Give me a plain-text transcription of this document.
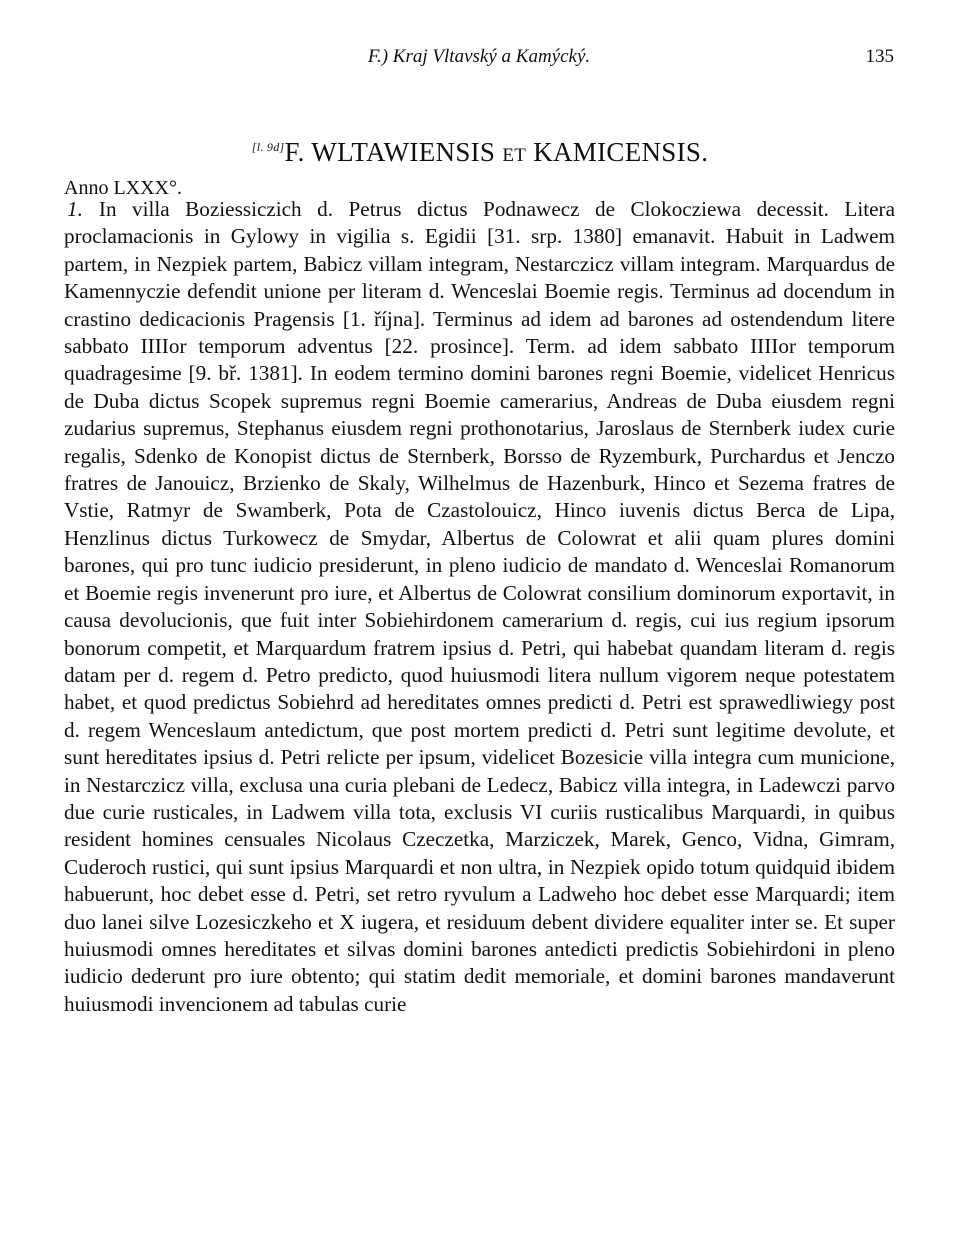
F.) Kraj Vltavský a Kamýcký.	135
[l. 9d]F. WLTAWIENSIS ET KAMICENSIS.
Anno LXXX°.

1. In villa Boziessiczich d. Petrus dictus Podnawecz de Clokocziewa decessit. Litera proclamacionis in Gylowy in vigilia s. Egidii [31. srp. 1380] emanavit. Habuit in Ladwem partem, in Nezpiek partem, Babicz villam integram, Nestarczicz villam integram. Marquardus de Kamennyczie defendit unione per literam d. Wenceslai Boemie regis. Terminus ad docendum in crastino dedicacionis Pragensis [1. října]. Terminus ad idem ad barones ad ostendendum litere sabbato IIIIor temporum adventus [22. prosince]. Term. ad idem sabbato IIIIor temporum quadragesime [9. bř. 1381]. In eodem termino domini barones regni Boemie, videlicet Henricus de Duba dictus Scopek supremus regni Boemie camerarius, Andreas de Duba eiusdem regni zudarius supremus, Stephanus eiusdem regni prothonotarius, Jaroslaus de Sternberk iudex curie regalis, Sdenko de Konopist dictus de Sternberk, Borsso de Ryzemburk, Purchardus et Jenczo fratres de Janouicz, Brzienko de Skaly, Wilhelmus de Hazenburk, Hinco et Sezema fratres de Vstie, Ratmyr de Swamberk, Pota de Czastolouicz, Hinco iuvenis dictus Berca de Lipa, Henzlinus dictus Turkowecz de Smydar, Albertus de Colowrat et alii quam plures domini barones, qui pro tunc iudicio presiderunt, in pleno iudicio de mandato d. Wenceslai Romanorum et Boemie regis invenerunt pro iure, et Albertus de Colowrat consilium dominorum exportavit, in causa devolucionis, que fuit inter Sobiehirdonem camerarium d. regis, cui ius regium ipsorum bonorum competit, et Marquardum fratrem ipsius d. Petri, qui habebat quandam literam d. regis datam per d. regem d. Petro predicto, quod huiusmodi litera nullum vigorem neque potestatem habet, et quod predictus Sobiehrd ad hereditates omnes predicti d. Petri est sprawedliwiegy post d. regem Wenceslaum antedictum, que post mortem predicti d. Petri sunt legitime devolute, et sunt hereditates ipsius d. Petri relicte per ipsum, videlicet Bozesicie villa integra cum municione, in Nestarczicz villa, exclusa una curia plebani de Ledecz, Babicz villa integra, in Ladewczi parvo due curie rusticales, in Ladwem villa tota, exclusis VI curiis rusticalibus Marquardi, in quibus resident homines censuales Nicolaus Czeczetka, Marziczek, Marek, Genco, Vidna, Gimram, Cuderoch rustici, qui sunt ipsius Marquardi et non ultra, in Nezpiek opido totum quidquid ibidem habuerunt, hoc debet esse d. Petri, set retro ryvulum a Ladweho hoc debet esse Marquardi; item duo lanei silve Lozesiczkeho et X iugera, et residuum debent dividere equaliter inter se. Et super huiusmodi omnes hereditates et silvas domini barones antedicti predictis Sobiehirdoni in pleno iudicio dederunt pro iure obtento; qui statim dedit memoriale, et domini barones mandaverunt huiusmodi invencionem ad tabulas curie
